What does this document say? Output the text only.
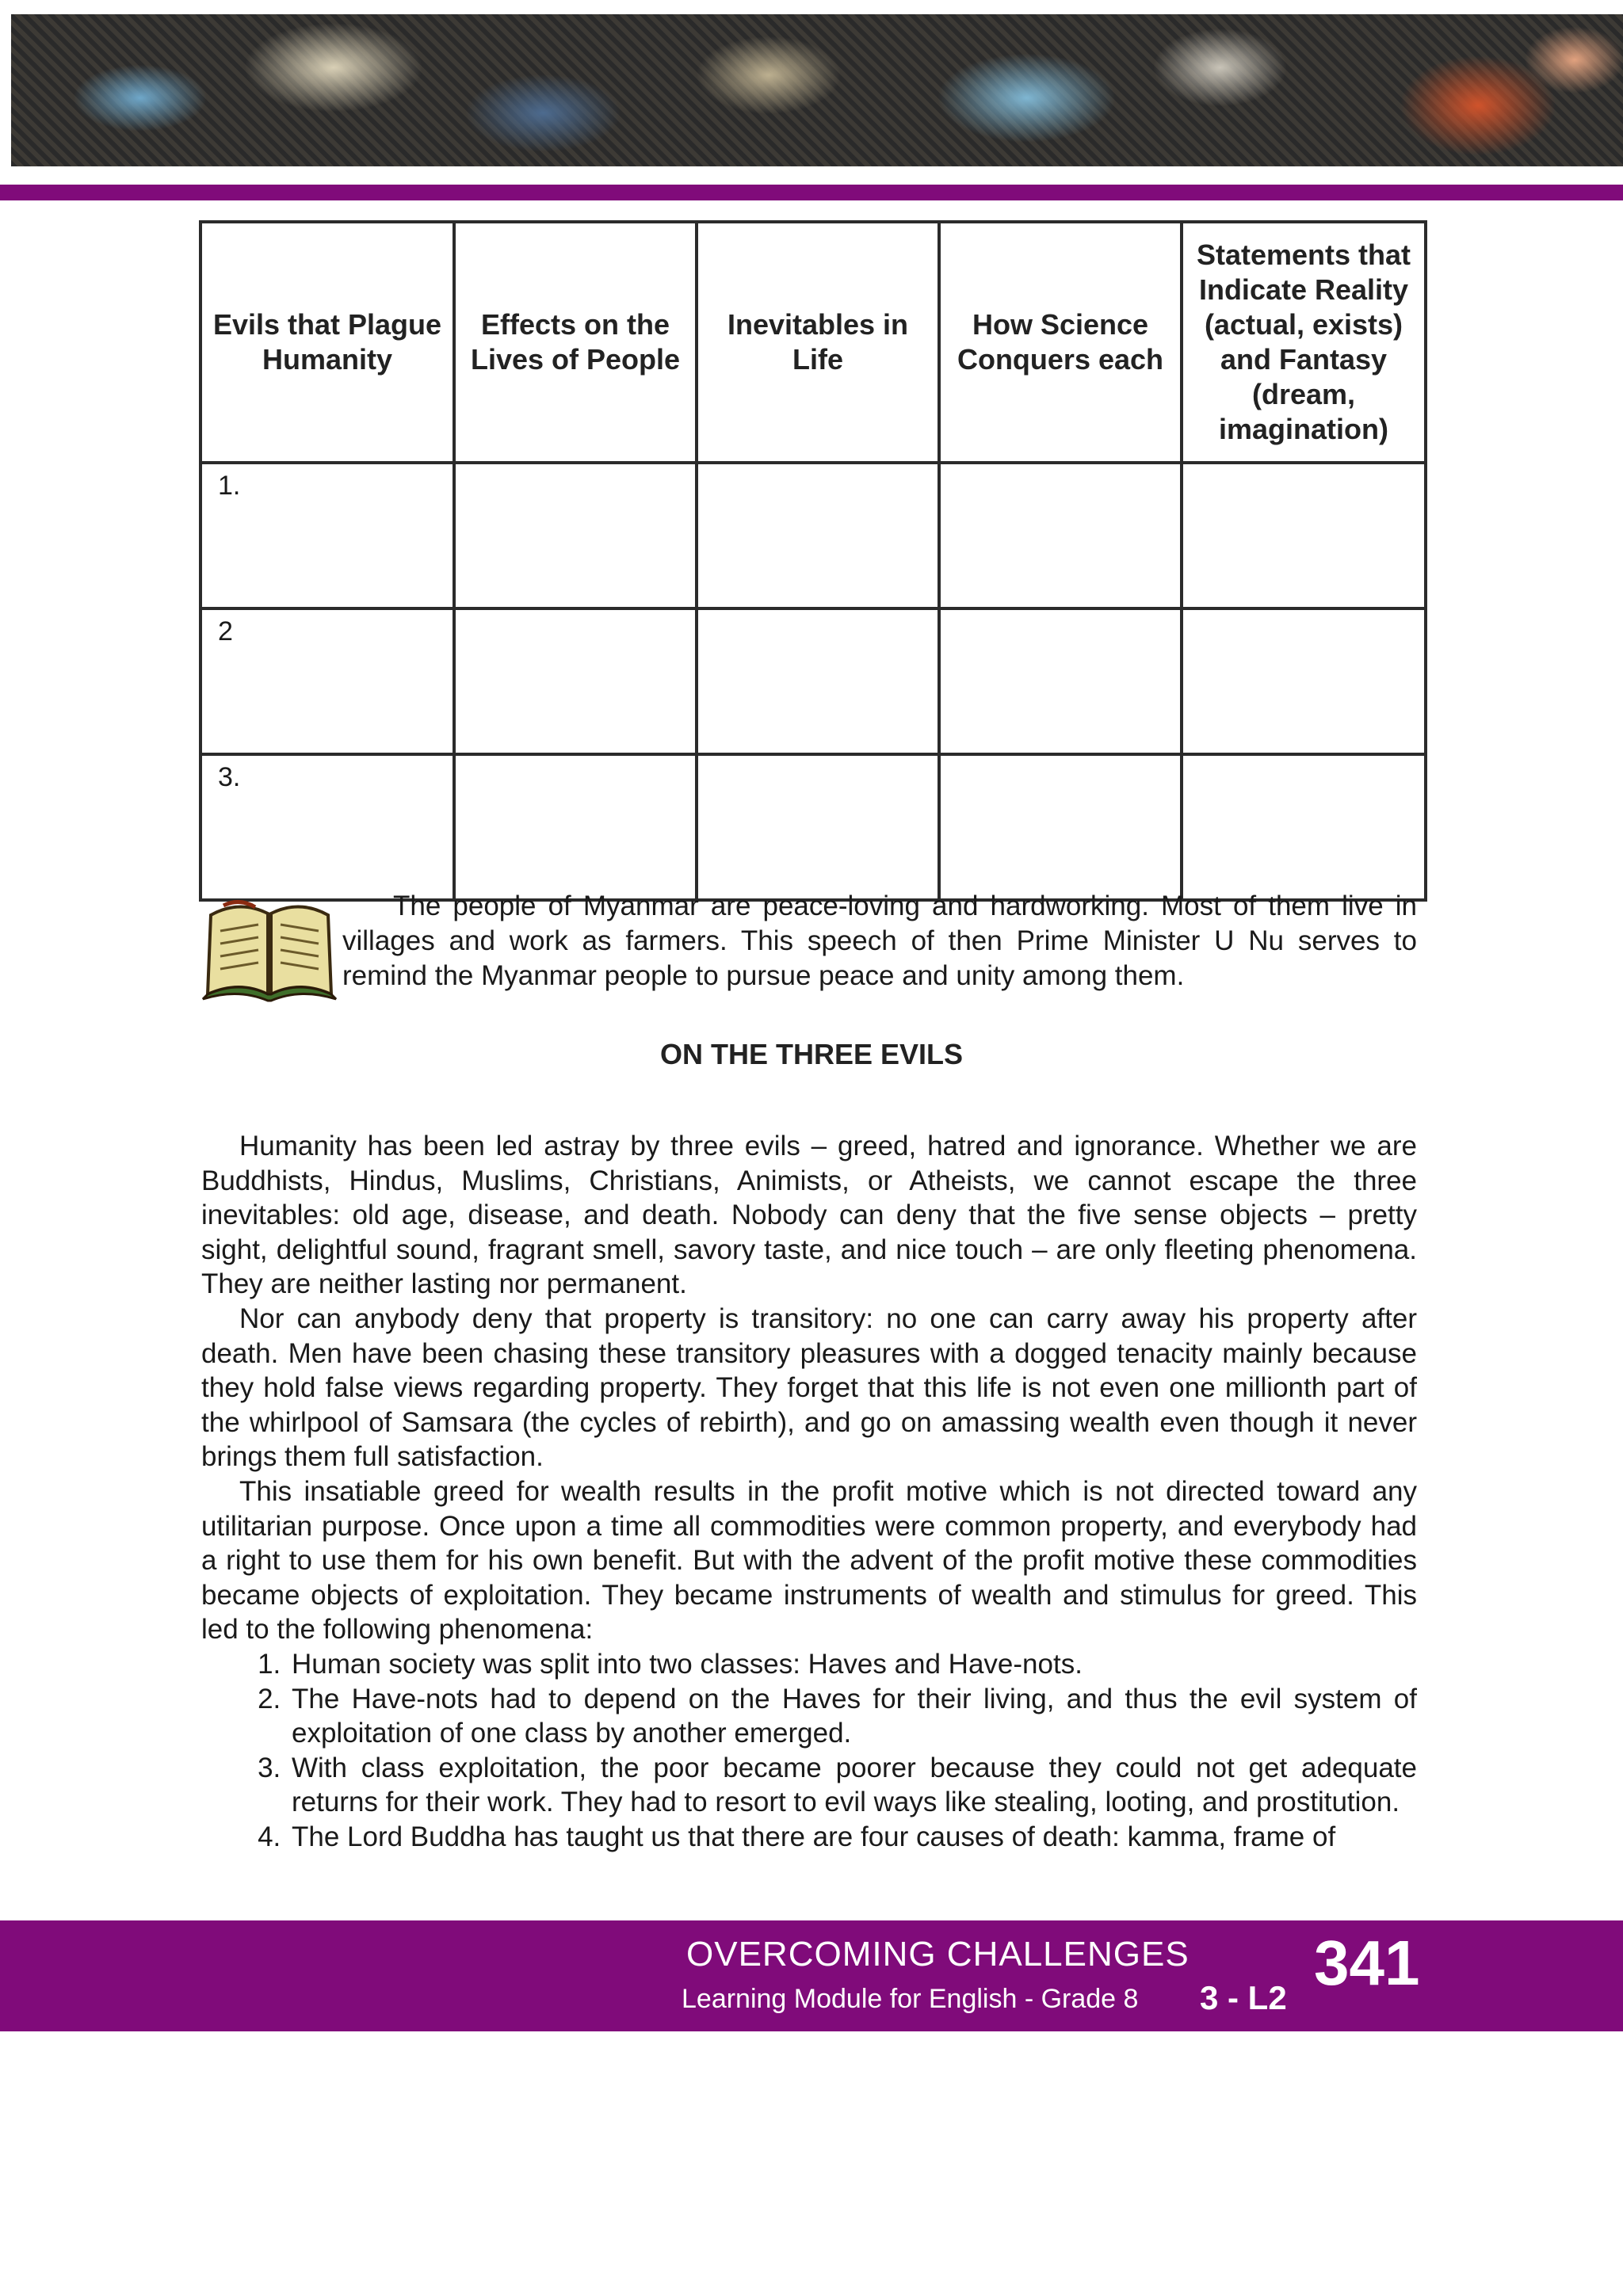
Evils that Plague Humanity	Effects on the Lives of People	Inevitables in Life	How Science Conquers each	Statements that Indicate Reality (actual, exists) and Fantasy (dream, imagination)
1.				
2				
3.				

The people of Myanmar are peace-loving and hardworking. Most of them live in villages and work as farmers. This speech of then Prime Minister U Nu serves to remind the Myanmar people to pursue peace and unity among them.

ON THE THREE EVILS

Humanity has been led astray by three evils – greed, hatred and ignorance. Whether we are Buddhists, Hindus, Muslims, Christians, Animists, or Atheists, we cannot escape the three inevitables: old age, disease, and death. Nobody can deny that the five sense objects – pretty sight, delightful sound, fragrant smell, savory taste, and nice touch – are only fleeting phenomena. They are neither lasting nor permanent.

Nor can anybody deny that property is transitory: no one can carry away his property after death. Men have been chasing these transitory pleasures with a dogged tenacity mainly because they hold false views regarding property. They forget that this life is not even one millionth part of the whirlpool of Samsara (the cycles of rebirth), and go on amassing wealth even though it never brings them full satisfaction.

This insatiable greed for wealth results in the profit motive which is not directed toward any utilitarian purpose. Once upon a time all commodities were common property, and everybody had a right to use them for his own benefit. But with the advent of the profit motive these commodities became objects of exploitation. They became instruments of wealth and stimulus for greed. This led to the following phenomena:

1. Human society was split into two classes: Haves and Have-nots.
2. The Have-nots had to depend on the Haves for their living, and thus the evil system of exploitation of one class by another emerged.
3. With class exploitation, the poor became poorer because they could not get adequate returns for their work. They had to resort to evil ways like stealing, looting, and prostitution.
4. The Lord Buddha has taught us that there are four causes of death: kamma, frame of
OVERCOMING CHALLENGES
Learning Module for English - Grade 8 3 - L2 341
